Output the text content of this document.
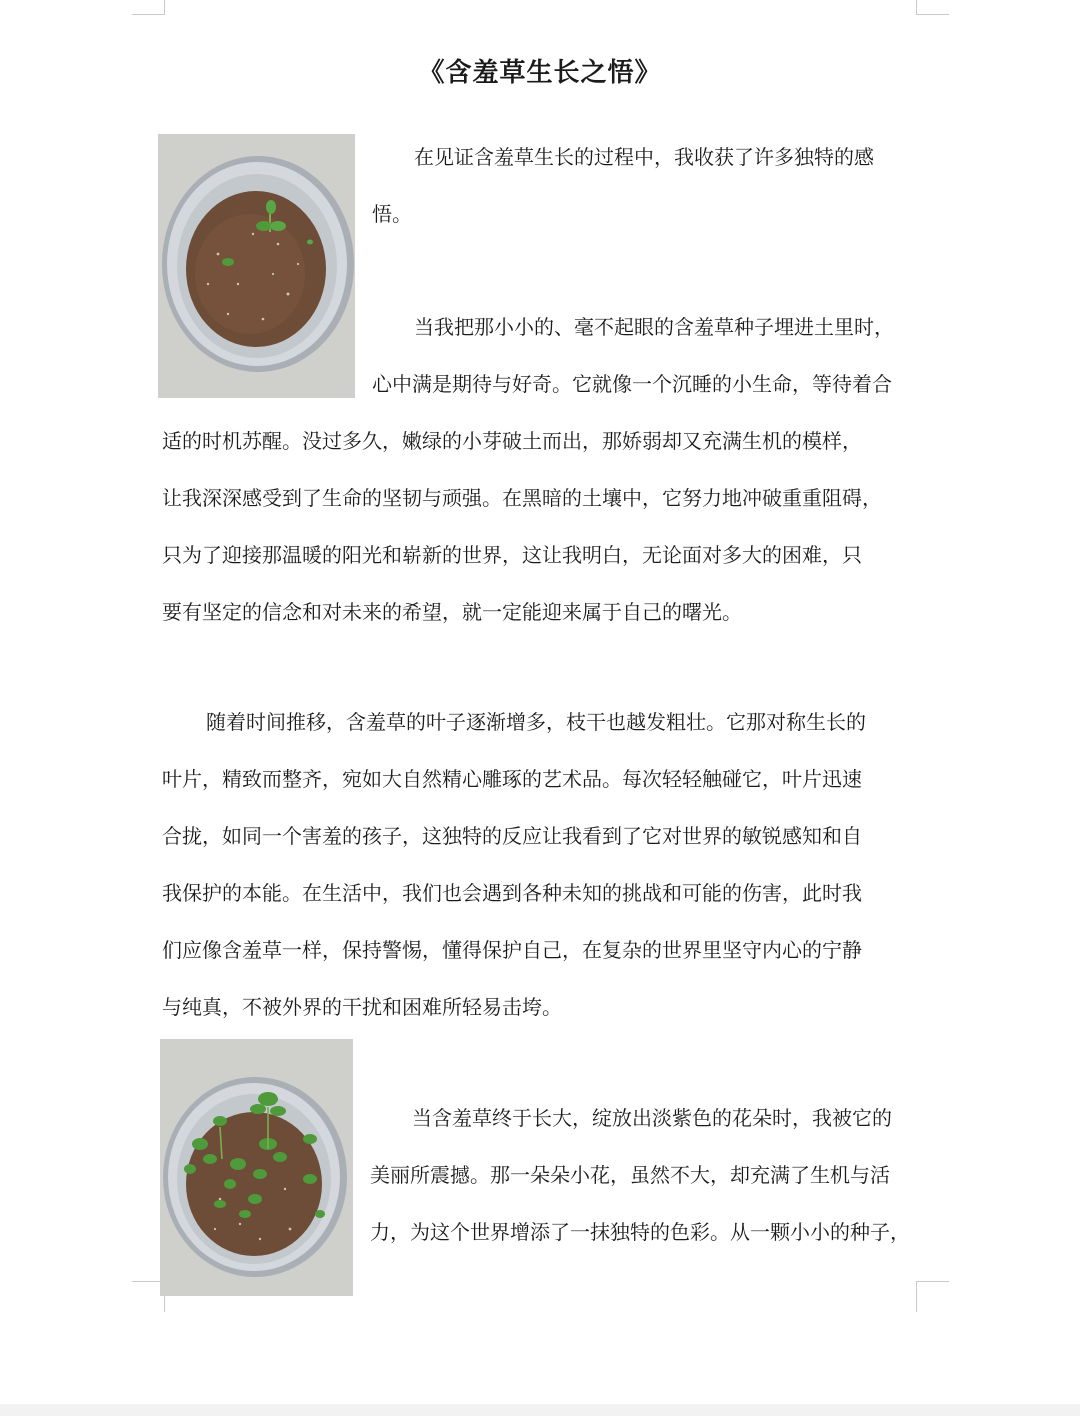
《含羞草生长之悟》
在见证含羞草生长的过程中，我收获了许多独特的感
悟。
当我把那小小的、毫不起眼的含羞草种子埋进土里时，
心中满是期待与好奇。它就像一个沉睡的小生命，等待着合
适的时机苏醒。没过多久，嫩绿的小芽破土而出，那娇弱却又充满生机的模样，
让我深深感受到了生命的坚韧与顽强。在黑暗的土壤中，它努力地冲破重重阻碍，
只为了迎接那温暖的阳光和崭新的世界，这让我明白，无论面对多大的困难，只
要有坚定的信念和对未来的希望，就一定能迎来属于自己的曙光。
随着时间推移，含羞草的叶子逐渐增多，枝干也越发粗壮。它那对称生长的
叶片，精致而整齐，宛如大自然精心雕琢的艺术品。每次轻轻触碰它，叶片迅速
合拢，如同一个害羞的孩子，这独特的反应让我看到了它对世界的敏锐感知和自
我保护的本能。在生活中，我们也会遇到各种未知的挑战和可能的伤害，此时我
们应像含羞草一样，保持警惕，懂得保护自己，在复杂的世界里坚守内心的宁静
与纯真，不被外界的干扰和困难所轻易击垮。
当含羞草终于长大，绽放出淡紫色的花朵时，我被它的
美丽所震撼。那一朵朵小花，虽然不大，却充满了生机与活
力，为这个世界增添了一抹独特的色彩。从一颗小小的种子，
